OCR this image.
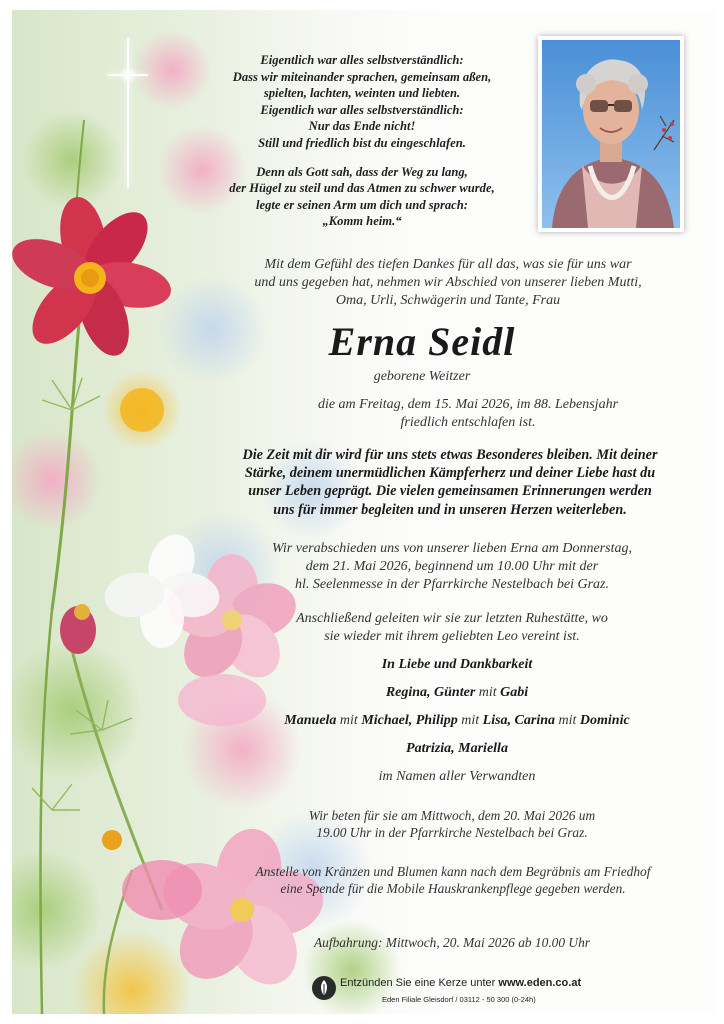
Eigentlich war alles selbstverständlich:

Dass wir miteinander sprachen, gemeinsam aßen,

spielten, lachten, weinten und liebten.

Eigentlich war alles selbstverständlich:

Nur das Ende nicht!

Still und friedlich bist du eingeschlafen.

Denn als Gott sah, dass der Weg zu lang,

der Hügel zu steil und das Atmen zu schwer wurde,

legte er seinen Arm um dich und sprach:

„Komm heim.“

Mit dem Gefühl des tiefen Dankes für all das, was sie für uns war
und uns gegeben hat, nehmen wir Abschied von unserer lieben Mutti,
Oma, Urli, Schwägerin und Tante, Frau
Erna Seidl
geborene Weitzer
die am Freitag, dem 15. Mai 2026, im 88. Lebensjahr
friedlich entschlafen ist.
Die Zeit mit dir wird für uns stets etwas Besonderes bleiben. Mit deiner
Stärke, deinem unermüdlichen Kämpferherz und deiner Liebe hast du
unser Leben geprägt. Die vielen gemeinsamen Erinnerungen werden
uns für immer begleiten und in unseren Herzen weiterleben.
Wir verabschieden uns von unserer lieben Erna am Donnerstag,
dem 21. Mai 2026, beginnend um 10.00 Uhr mit der
hl. Seelenmesse in der Pfarrkirche Nestelbach bei Graz.
Anschließend geleiten wir sie zur letzten Ruhestätte, wo
sie wieder mit ihrem geliebten Leo vereint ist.
In Liebe und Dankbarkeit
Regina, Günter mit Gabi
Manuela mit Michael, Philipp mit Lisa, Carina mit Dominic
Patrizia, Mariella
im Namen aller Verwandten
Wir beten für sie am Mittwoch, dem 20. Mai 2026 um
19.00 Uhr in der Pfarrkirche Nestelbach bei Graz.
Anstelle von Kränzen und Blumen kann nach dem Begräbnis am Friedhof
eine Spende für die Mobile Hauskrankenpflege gegeben werden.
Aufbahrung: Mittwoch, 20. Mai 2026 ab 10.00 Uhr
Entzünden Sie eine Kerze unter www.eden.co.at
Eden Filiale Gleisdorf / 03112 - 50 300 (0-24h)
